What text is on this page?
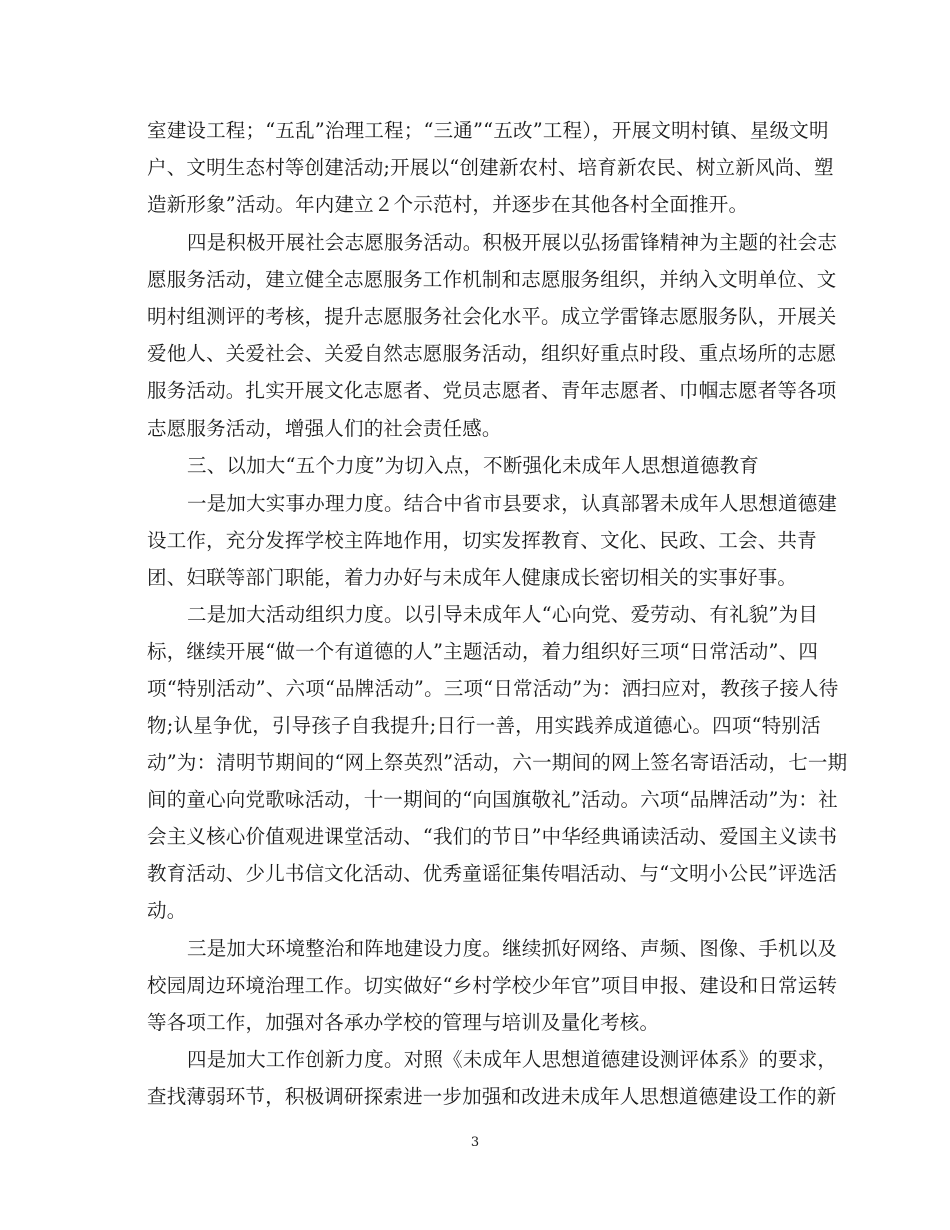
室建设工程；“五乱”治理工程；“三通”“五改”工程），开展文明村镇、星级文明
户、文明生态村等创建活动;开展以“创建新农村、培育新农民、树立新风尚、塑
造新形象”活动。年内建立２个示范村，并逐步在其他各村全面推开。
四是积极开展社会志愿服务活动。积极开展以弘扬雷锋精神为主题的社会志
愿服务活动，建立健全志愿服务工作机制和志愿服务组织，并纳入文明单位、文
明村组测评的考核，提升志愿服务社会化水平。成立学雷锋志愿服务队，开展关
爱他人、关爱社会、关爱自然志愿服务活动，组织好重点时段、重点场所的志愿
服务活动。扎实开展文化志愿者、党员志愿者、青年志愿者、巾帼志愿者等各项
志愿服务活动，增强人们的社会责任感。
三、以加大“五个力度”为切入点，不断强化未成年人思想道德教育
一是加大实事办理力度。结合中省市县要求，认真部署未成年人思想道德建
设工作，充分发挥学校主阵地作用，切实发挥教育、文化、民政、工会、共青
团、妇联等部门职能，着力办好与未成年人健康成长密切相关的实事好事。
二是加大活动组织力度。以引导未成年人“心向党、爱劳动、有礼貌”为目
标，继续开展“做一个有道德的人”主题活动，着力组织好三项“日常活动”、四
项“特别活动”、六项“品牌活动”。三项“日常活动”为：洒扫应对，教孩子接人待
物;认星争优，引导孩子自我提升;日行一善，用实践养成道德心。四项“特别活
动”为：清明节期间的“网上祭英烈”活动，六一期间的网上签名寄语活动，七一期
间的童心向党歌咏活动，十一期间的“向国旗敬礼”活动。六项“品牌活动”为：社
会主义核心价值观进课堂活动、“我们的节日”中华经典诵读活动、爱国主义读书
教育活动、少儿书信文化活动、优秀童谣征集传唱活动、与“文明小公民”评选活
动。
三是加大环境整治和阵地建设力度。继续抓好网络、声频、图像、手机以及
校园周边环境治理工作。切实做好“乡村学校少年官”项目申报、建设和日常运转
等各项工作，加强对各承办学校的管理与培训及量化考核。
四是加大工作创新力度。对照《未成年人思想道德建设测评体系》的要求，
查找薄弱环节，积极调研探索进一步加强和改进未成年人思想道德建设工作的新
3
